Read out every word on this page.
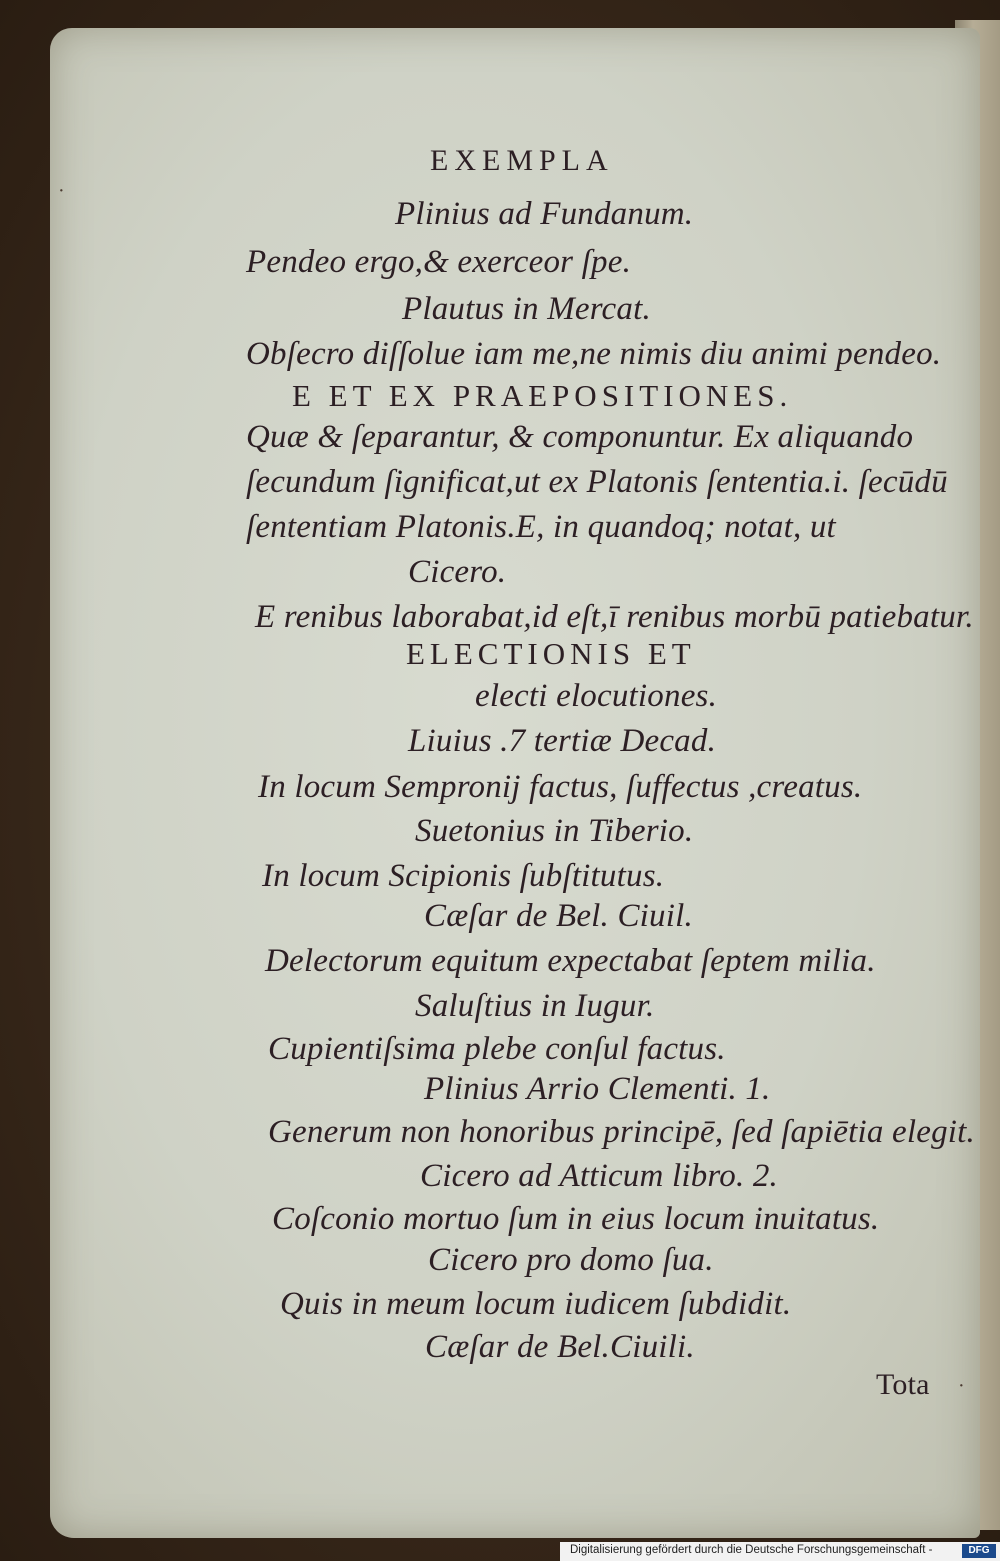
EXEMPLA
Plinius ad Fundanum.
Pendeo ergo,& exerceor ſpe.
Plautus in Mercat.
Obſecro diſſolue iam me,ne nimis diu animi pendeo.
E ET EX PRAEPOSITIONES.
Quæ & ſeparantur, & componuntur. Ex aliquando
ſecundum ſignificat,ut ex Platonis ſententia.i. ſecūdū
ſententiam Platonis.E, in quandoq; notat, ut
Cicero.
E renibus laborabat,id eſt,ī renibus morbū patiebatur.
ELECTIONIS ET
electi elocutiones.
Liuius .7 tertiæ Decad.
In locum Sempronij factus, ſuffectus ,creatus.
Suetonius in Tiberio.
In locum Scipionis ſubſtitutus.
Cæſar de Bel. Ciuil.
Delectorum equitum expectabat ſeptem milia.
Saluſtius in Iugur.
Cupientiſsima plebe conſul factus.
Plinius Arrio Clementi. 1.
Generum non honoribus principē, ſed ſapiētia elegit.
Cicero ad Atticum libro. 2.
Coſconio mortuo ſum in eius locum inuitatus.
Cicero pro domo ſua.
Quis in meum locum iudicem ſubdidit.
Cæſar de Bel.Ciuili.
Tota
·
·
Digitalisierung gefördert durch die Deutsche Forschungsgemeinschaft -	DFG
